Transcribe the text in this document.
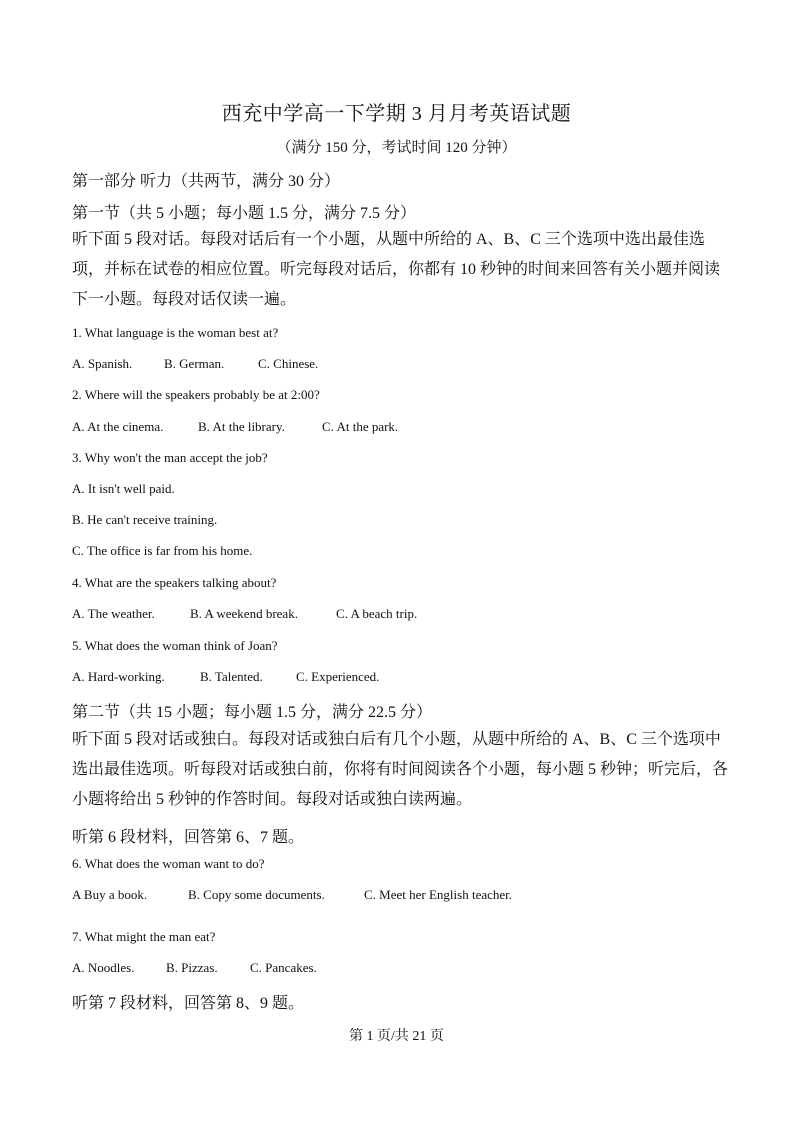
西充中学高一下学期 3 月月考英语试题
（满分 150 分，考试时间 120 分钟）
第一部分 听力（共两节，满分 30 分）
第一节（共 5 小题；每小题 1.5 分，满分 7.5 分）
听下面 5 段对话。每段对话后有一个小题，从题中所给的 A、B、C 三个选项中选出最佳选项，并标在试卷的相应位置。听完每段对话后，你都有 10 秒钟的时间来回答有关小题并阅读下一小题。每段对话仅读一遍。
1. What language is the woman best at?
A. Spanish. B. German.	C. Chinese.
2. Where will the speakers probably be at 2:00?
A. At the cinema.	B. At the library.	C. At the park.
3. Why won't the man accept the job?
A. It isn't well paid.
B. He can't receive training.
C. The office is far from his home.
4. What are the speakers talking about?
A. The weather.	B. A weekend break.	C. A beach trip.
5. What does the woman think of Joan?
A. Hard-working.	B. Talented.	C. Experienced.
第二节（共 15 小题；每小题 1.5 分，满分 22.5 分）
听下面 5 段对话或独白。每段对话或独白后有几个小题，从题中所给的 A、B、C 三个选项中选出最佳选项。听每段对话或独白前，你将有时间阅读各个小题，每小题 5 秒钟；听完后，各小题将给出 5 秒钟的作答时间。每段对话或独白读两遍。
听第 6 段材料，回答第 6、7 题。
6. What does the woman want to do?
A Buy a book.	B. Copy some documents.	C. Meet her English teacher.
7. What might the man eat?
A. Noodles. B. Pizzas. C. Pancakes.
听第 7 段材料，回答第 8、9 题。
第 1 页/共 21 页
